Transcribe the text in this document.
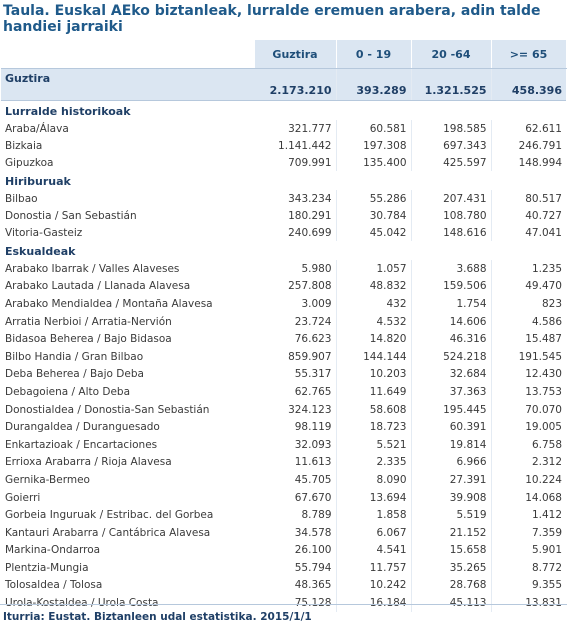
Taula. Euskal AEko biztanleak, lurralde eremuen arabera, adin talde handiei jarraiki
	Guztira	0 - 19	20 -64	>= 65
Guztira	2.173.210	393.289	1.321.525	458.396
Lurralde historikoak				
Araba/Álava	321.777	60.581	198.585	62.611
Bizkaia	1.141.442	197.308	697.343	246.791
Gipuzkoa	709.991	135.400	425.597	148.994
Hiriburuak				
Bilbao	343.234	55.286	207.431	80.517
Donostia / San Sebastián	180.291	30.784	108.780	40.727
Vitoria-Gasteiz	240.699	45.042	148.616	47.041
Eskualdeak				
Arabako Ibarrak / Valles Alaveses	5.980	1.057	3.688	1.235
Arabako Lautada / Llanada Alavesa	257.808	48.832	159.506	49.470
Arabako Mendialdea / Montaña Alavesa	3.009	432	1.754	823
Arratia Nerbioi / Arratia-Nervión	23.724	4.532	14.606	4.586
Bidasoa Beherea / Bajo Bidasoa	76.623	14.820	46.316	15.487
Bilbo Handia / Gran Bilbao	859.907	144.144	524.218	191.545
Deba Beherea / Bajo Deba	55.317	10.203	32.684	12.430
Debagoiena / Alto Deba	62.765	11.649	37.363	13.753
Donostialdea / Donostia-San Sebastián	324.123	58.608	195.445	70.070
Durangaldea / Duranguesado	98.119	18.723	60.391	19.005
Enkartazioak / Encartaciones	32.093	5.521	19.814	6.758
Errioxa Arabarra / Rioja Alavesa	11.613	2.335	6.966	2.312
Gernika-Bermeo	45.705	8.090	27.391	10.224
Goierri	67.670	13.694	39.908	14.068
Gorbeia Inguruak / Estribac. del Gorbea	8.789	1.858	5.519	1.412
Kantauri Arabarra / Cantábrica Alavesa	34.578	6.067	21.152	7.359
Markina-Ondarroa	26.100	4.541	15.658	5.901
Plentzia-Mungia	55.794	11.757	35.265	8.772
Tolosaldea / Tolosa	48.365	10.242	28.768	9.355
Urola-Kostaldea / Urola Costa	75.128	16.184	45.113	13.831
Iturria: Eustat. Biztanleen udal estatistika. 2015/1/1
